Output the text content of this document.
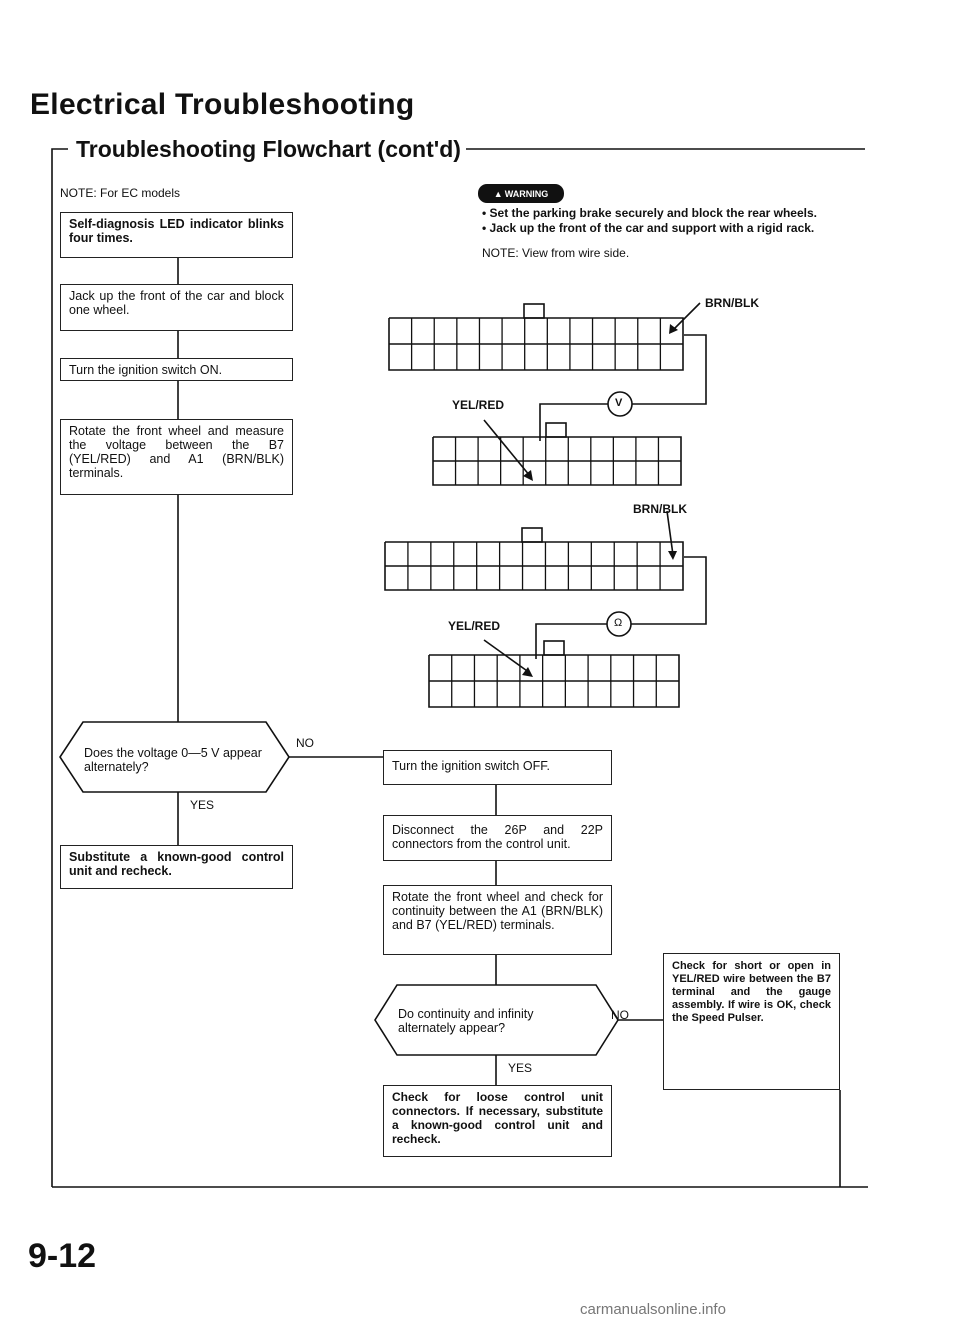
Electrical Troubleshooting
Troubleshooting Flowchart (cont'd)
NOTE: For EC models
Self-diagnosis LED indicator blinks four times.
Jack up the front of the car and block one wheel.
Turn the ignition switch ON.
Rotate the front wheel and measure the voltage between the B7 (YEL/RED) and A1 (BRN/BLK) terminals.
Does the voltage 0—5 V appear alternately?
NO
YES
Substitute a known-good control unit and recheck.
▲ WARNING
• Set the parking brake securely and block the rear wheels.
• Jack up the front of the car and support with a rigid rack.
NOTE: View from wire side.
BRN/BLK
YEL/RED	V
BRN/BLK
YEL/RED	Ω
Turn the ignition switch OFF.
Disconnect the 26P and 22P connectors from the control unit.
Rotate the front wheel and check for continuity between the A1 (BRN/BLK) and B7 (YEL/RED) terminals.
Do continuity and infinity alternately appear?
NO
YES
Check for short or open in YEL/RED wire between the B7 terminal and the gauge assembly. If wire is OK, check the Speed Pulser.
Check for loose control unit connectors. If necessary, substitute a known-good control unit and recheck.
9-12
carmanualsonline.info
